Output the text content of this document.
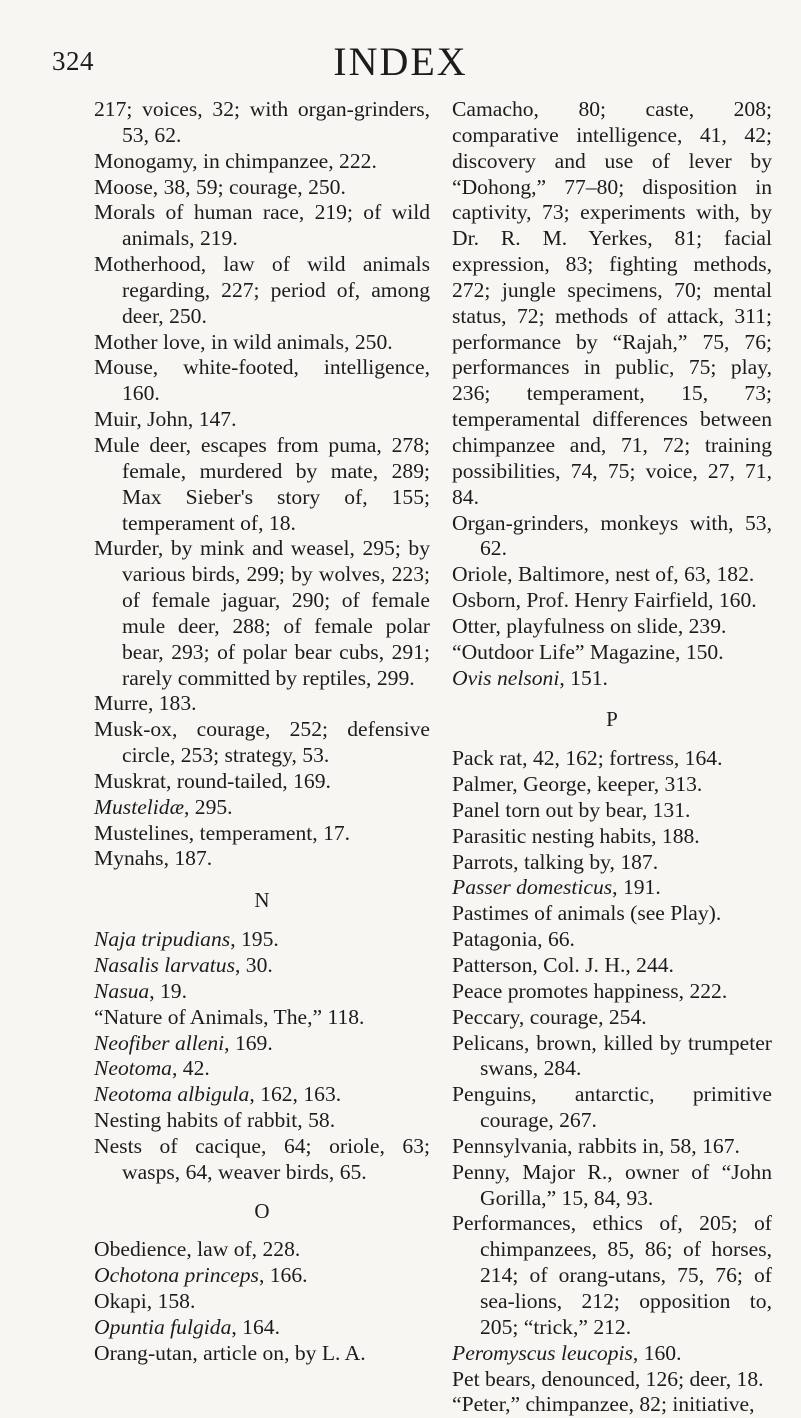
324	INDEX

217; voices, 32; with organ-grinders, 53, 62.

Monogamy, in chimpanzee, 222.

Moose, 38, 59; courage, 250.

Morals of human race, 219; of wild animals, 219.

Motherhood, law of wild animals regarding, 227; period of, among deer, 250.

Mother love, in wild animals, 250.

Mouse, white-footed, intelligence, 160.

Muir, John, 147.

Mule deer, escapes from puma, 278; female, murdered by mate, 289; Max Sieber's story of, 155; temperament of, 18.

Murder, by mink and weasel, 295; by various birds, 299; by wolves, 223; of female jaguar, 290; of female mule deer, 288; of female polar bear, 293; of polar bear cubs, 291; rarely committed by reptiles, 299.

Murre, 183.

Musk-ox, courage, 252; defensive circle, 253; strategy, 53.

Muskrat, round-tailed, 169.

Mustelidæ, 295.

Mustelines, temperament, 17.

Mynahs, 187.

N

Naja tripudians, 195.

Nasalis larvatus, 30.

Nasua, 19.

“Nature of Animals, The,” 118.

Neofiber alleni, 169.

Neotoma, 42.

Neotoma albigula, 162, 163.

Nesting habits of rabbit, 58.

Nests of cacique, 64; oriole, 63; wasps, 64, weaver birds, 65.

O

Obedience, law of, 228.

Ochotona princeps, 166.

Okapi, 158.

Opuntia fulgida, 164.

Orang-utan, article on, by L. A.

Camacho, 80; caste, 208; comparative intelligence, 41, 42; discovery and use of lever by “Dohong,” 77–80; disposition in captivity, 73; experiments with, by Dr. R. M. Yerkes, 81; facial expression, 83; fighting methods, 272; jungle specimens, 70; mental status, 72; methods of attack, 311; performance by “Rajah,” 75, 76; performances in public, 75; play, 236; temperament, 15, 73; temperamental differences between chimpanzee and, 71, 72; training possibilities, 74, 75; voice, 27, 71, 84.

Organ-grinders, monkeys with, 53, 62.

Oriole, Baltimore, nest of, 63, 182.

Osborn, Prof. Henry Fairfield, 160.

Otter, playfulness on slide, 239.

“Outdoor Life” Magazine, 150.

Ovis nelsoni, 151.

P

Pack rat, 42, 162; fortress, 164.

Palmer, George, keeper, 313.

Panel torn out by bear, 131.

Parasitic nesting habits, 188.

Parrots, talking by, 187.

Passer domesticus, 191.

Pastimes of animals (see Play).

Patagonia, 66.

Patterson, Col. J. H., 244.

Peace promotes happiness, 222.

Peccary, courage, 254.

Pelicans, brown, killed by trumpeter swans, 284.

Penguins, antarctic, primitive courage, 267.

Pennsylvania, rabbits in, 58, 167.

Penny, Major R., owner of “John Gorilla,” 15, 84, 93.

Performances, ethics of, 205; of chimpanzees, 85, 86; of horses, 214; of orang-utans, 75, 76; of sea-lions, 212; opposition to, 205; “trick,” 212.

Peromyscus leucopis, 160.

Pet bears, denounced, 126; deer, 18.

“Peter,” chimpanzee, 82; initiative,
